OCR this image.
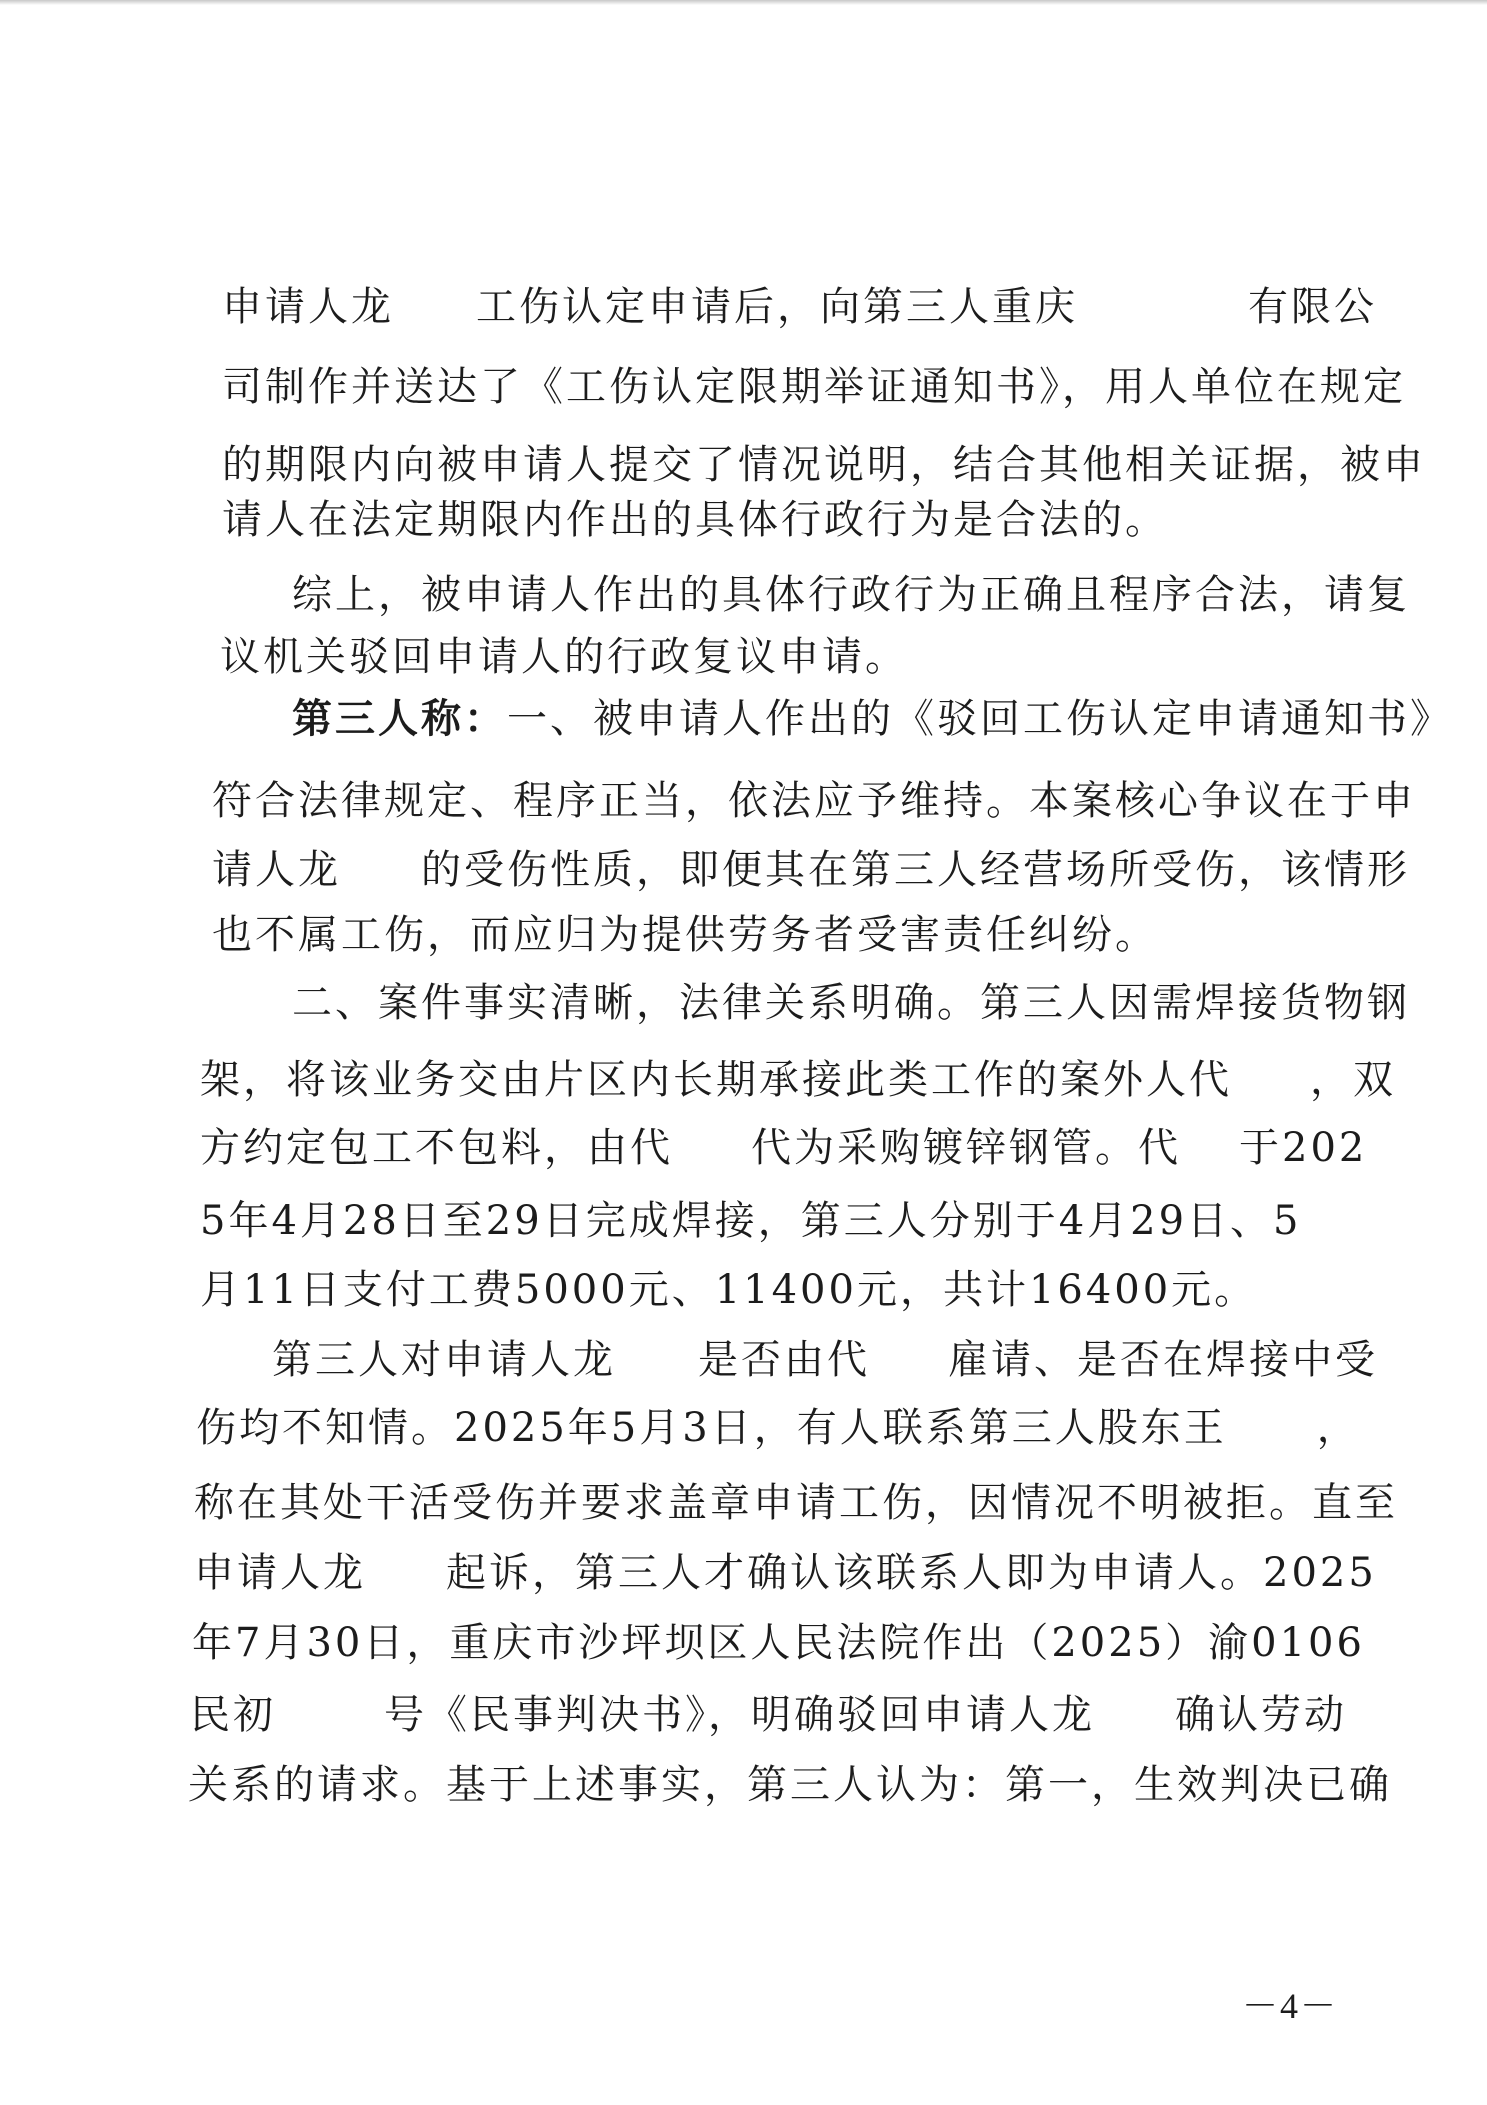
申请人龙 工伤认定申请后，向第三人重庆	有限公
司制作并送达了《工伤认定限期举证通知书》，用人单位在规定
的期限内向被申请人提交了情况说明，结合其他相关证据，被申
请人在法定期限内作出的具体行政行为是合法的。
综上，被申请人作出的具体行政行为正确且程序合法，请复
议机关驳回申请人的行政复议申请。
第三人称：一、被申请人作出的《驳回工伤认定申请通知书》
符合法律规定、程序正当，依法应予维持。本案核心争议在于申
请人龙 的受伤性质，即便其在第三人经营场所受伤，该情形
也不属工伤，而应归为提供劳务者受害责任纠纷。
二、案件事实清晰，法律关系明确。第三人因需焊接货物钢
架，将该业务交由片区内长期承接此类工作的案外人代 ，双
方约定包工不包料，由代 代为采购镀锌钢管。代 于202
5年4月28日至29日完成焊接，第三人分别于4月29日、5
月11日支付工费5000元、11400元，共计16400元。
第三人对申请人龙 是否由代 雇请、是否在焊接中受
伤均不知情。2025年5月3日，有人联系第三人股东王 ，
称在其处干活受伤并要求盖章申请工伤，因情况不明被拒。直至
申请人龙 起诉，第三人才确认该联系人即为申请人。2025
年7月30日，重庆市沙坪坝区人民法院作出（2025）渝0106
民初	号《民事判决书》，明确驳回申请人龙 确认劳动
关系的请求。基于上述事实，第三人认为：第一，生效判决已确
－4－
